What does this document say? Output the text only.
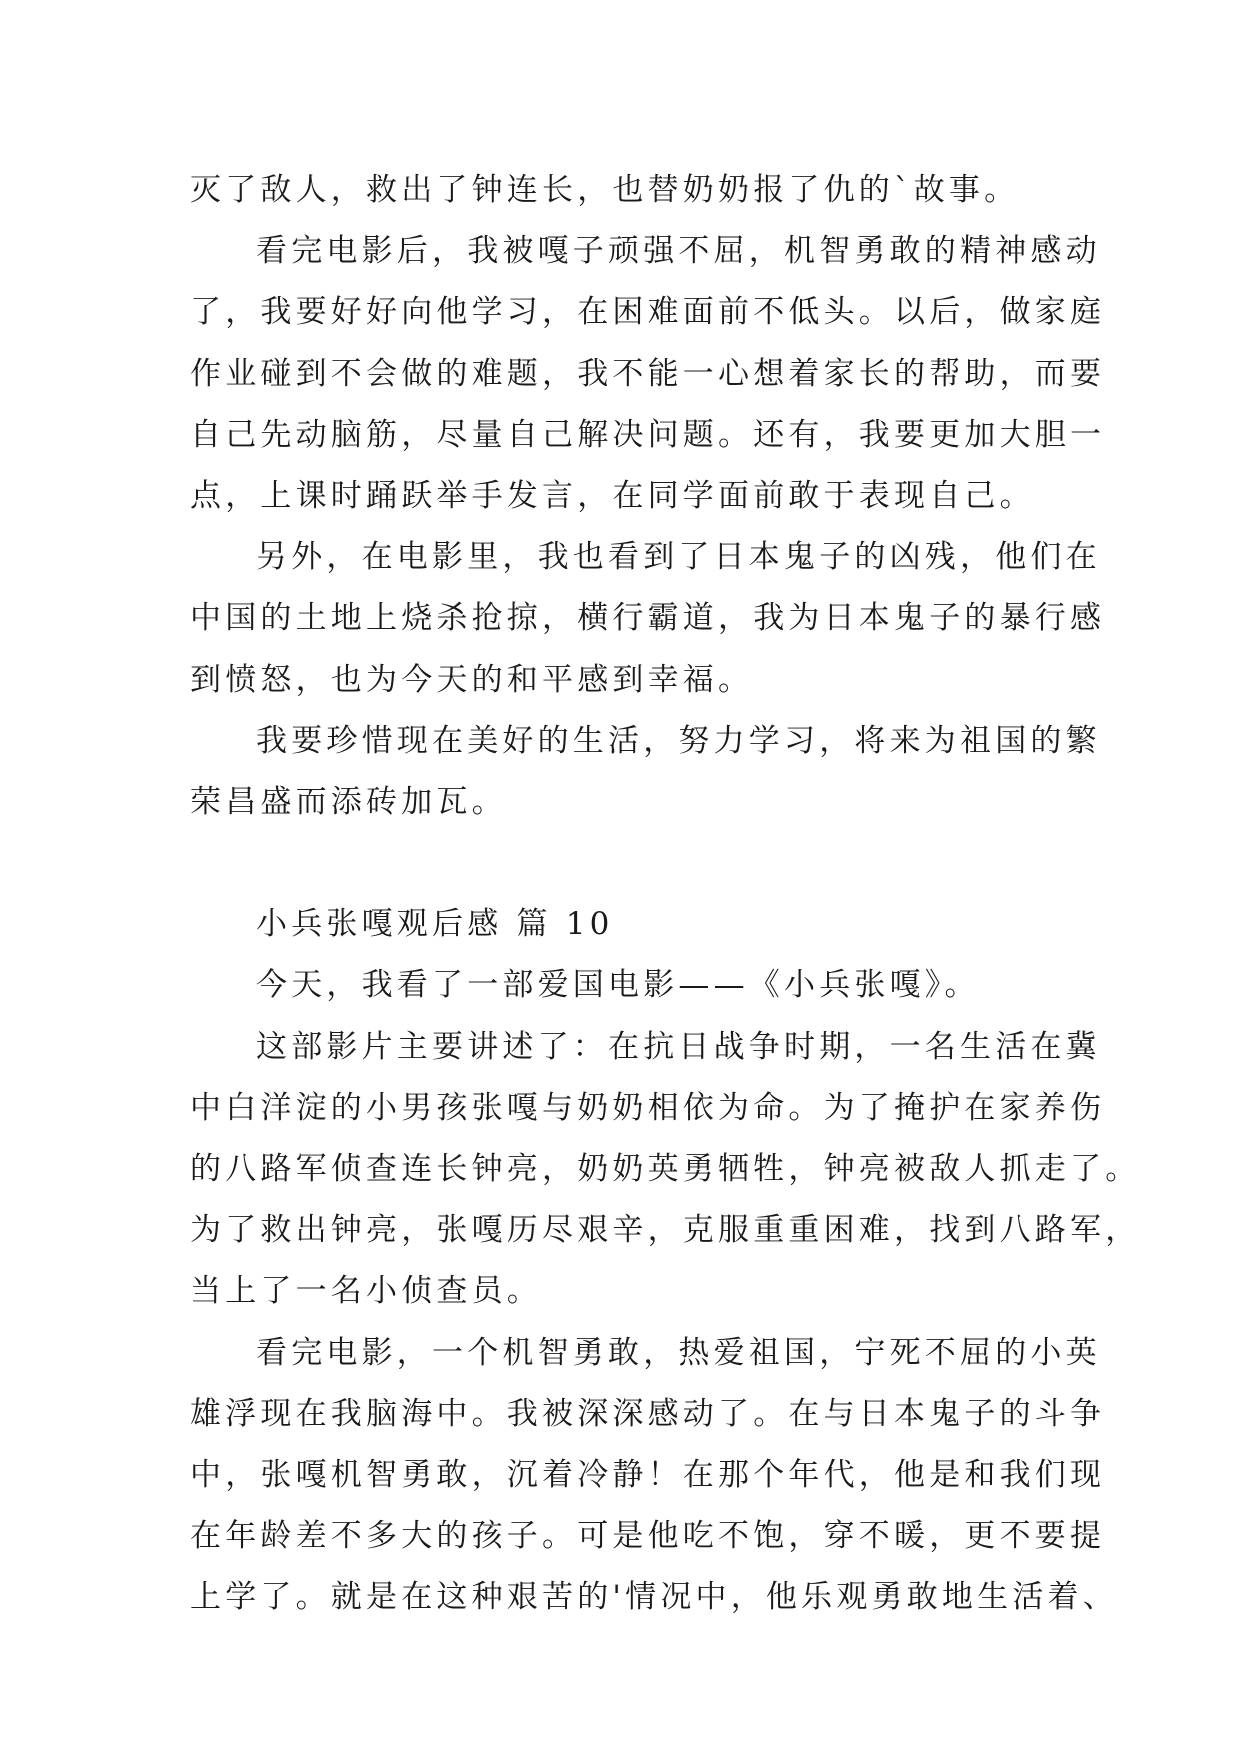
灭了敌人，救出了钟连长，也替奶奶报了仇的`故事。
看完电影后，我被嘎子顽强不屈，机智勇敢的精神感动
了，我要好好向他学习，在困难面前不低头。以后，做家庭
作业碰到不会做的难题，我不能一心想着家长的帮助，而要
自己先动脑筋，尽量自己解决问题。还有，我要更加大胆一
点，上课时踊跃举手发言，在同学面前敢于表现自己。
另外，在电影里，我也看到了日本鬼子的凶残，他们在
中国的土地上烧杀抢掠，横行霸道，我为日本鬼子的暴行感
到愤怒，也为今天的和平感到幸福。
我要珍惜现在美好的生活，努力学习，将来为祖国的繁
荣昌盛而添砖加瓦。
小兵张嘎观后感 篇 10
今天，我看了一部爱国电影——《小兵张嘎》。
这部影片主要讲述了：在抗日战争时期，一名生活在冀
中白洋淀的小男孩张嘎与奶奶相依为命。为了掩护在家养伤
的八路军侦查连长钟亮，奶奶英勇牺牲，钟亮被敌人抓走了。
为了救出钟亮，张嘎历尽艰辛，克服重重困难，找到八路军，
当上了一名小侦查员。
看完电影，一个机智勇敢，热爱祖国，宁死不屈的小英
雄浮现在我脑海中。我被深深感动了。在与日本鬼子的斗争
中，张嘎机智勇敢，沉着冷静！在那个年代，他是和我们现
在年龄差不多大的孩子。可是他吃不饱，穿不暖，更不要提
上学了。就是在这种艰苦的'情况中，他乐观勇敢地生活着、
